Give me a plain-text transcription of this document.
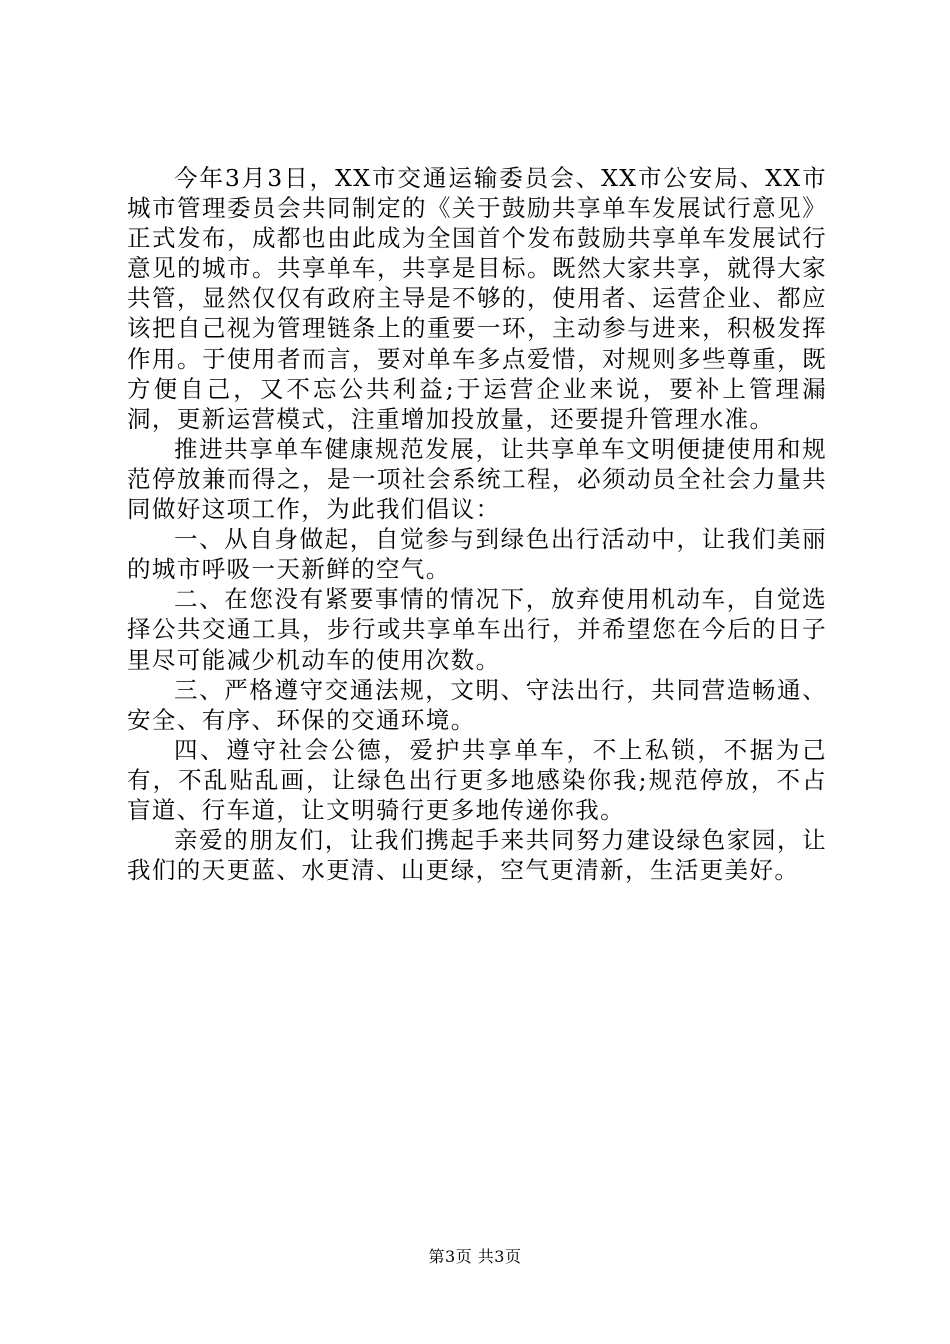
今年3月3日，XX市交通运输委员会、XX市公安局、XX市城市管理委员会共同制定的《关于鼓励共享单车发展试行意见》正式发布，成都也由此成为全国首个发布鼓励共享单车发展试行意见的城市。共享单车，共享是目标。既然大家共享，就得大家共管，显然仅仅有政府主导是不够的，使用者、运营企业、都应该把自己视为管理链条上的重要一环，主动参与进来，积极发挥作用。于使用者而言，要对单车多点爱惜，对规则多些尊重，既方便自己，又不忘公共利益;于运营企业来说，要补上管理漏洞，更新运营模式，注重增加投放量，还要提升管理水准。

推进共享单车健康规范发展，让共享单车文明便捷使用和规范停放兼而得之，是一项社会系统工程，必须动员全社会力量共同做好这项工作，为此我们倡议：

一、从自身做起，自觉参与到绿色出行活动中，让我们美丽的城市呼吸一天新鲜的空气。

二、在您没有紧要事情的情况下，放弃使用机动车，自觉选择公共交通工具，步行或共享单车出行，并希望您在今后的日子里尽可能减少机动车的使用次数。

三、严格遵守交通法规，文明、守法出行，共同营造畅通、安全、有序、环保的交通环境。

四、遵守社会公德，爱护共享单车，不上私锁，不据为己有，不乱贴乱画，让绿色出行更多地感染你我;规范停放，不占盲道、行车道，让文明骑行更多地传递你我。

亲爱的朋友们，让我们携起手来共同努力建设绿色家园，让我们的天更蓝、水更清、山更绿，空气更清新，生活更美好。

第3页 共3页
